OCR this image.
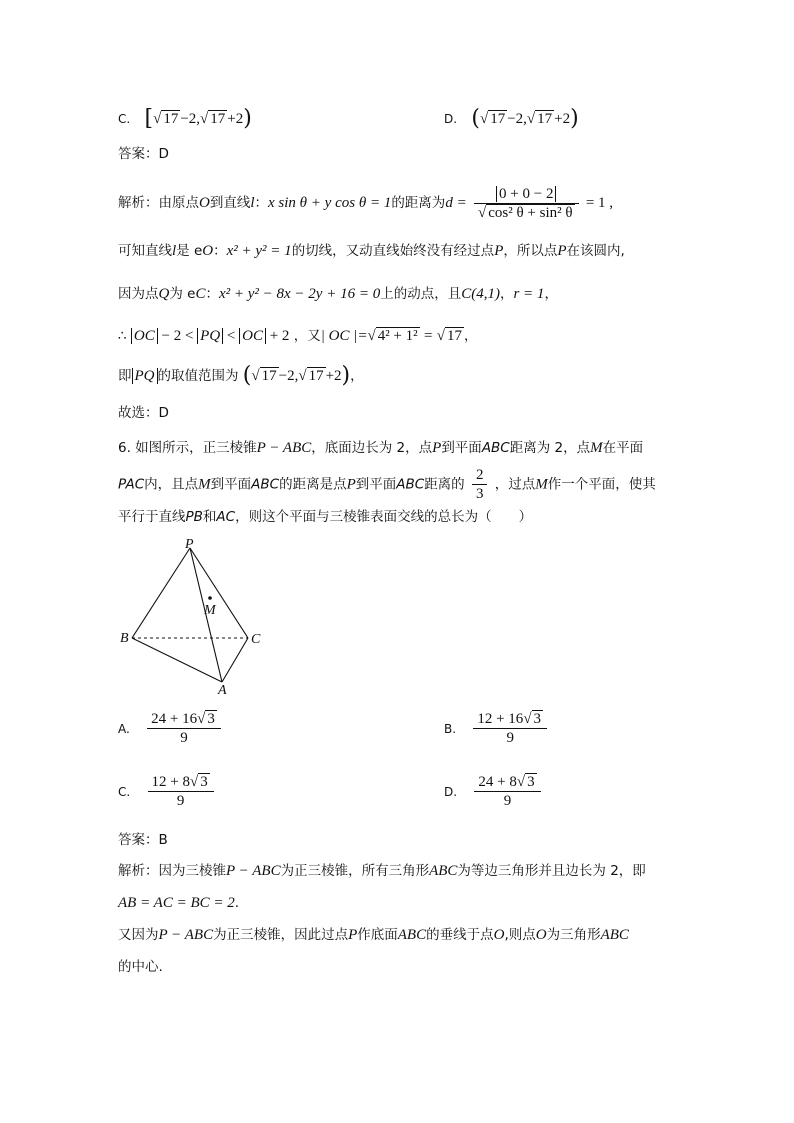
C. [√ 17 −2,√ 17 +2)	D. (√ 17 −2,√ 17 +2)
答案：D
解析：由原点O到直线l：x sin θ + y cos θ = 1的距离为$d = \frac{0 + 0 - 2}{\text{√ cos² θ + sin² θ}} = 1$ ,
可知直线l是 eO：x² + y² = 1的切线，又动直线始终没有经过点P，所以点P在该圆内,
因为点Q为 eC：x² + y² − 8x − 2y + 16 = 0上的动点，且C(4,1)，r = 1，
∴ OC − 2 < PQ < OC + 2 ，又| OC |=√ 4² + 1² = √ 17 ，
即 PQ 的取值范围为 (√ 17 −2,√ 17 +2)，
故选：D
6. 如图所示，正三棱锥P − ABC，底面边长为 2，点P到平面ABC距离为 2，点M在平面
PAC内，且点M到平面ABC的距离是点P到平面ABC距离的 $\frac{2}{3}$ ，过点M作一个平面，使其
平行于直线PB和AC，则这个平面与三棱锥表面交线的总长为（　　）
P
M
B	C
A
A. $\frac{24 + 16√ 3}{9}$	B. $\frac{12 + 16√ 3}{9}$
C. $\frac{12 + 8√ 3}{9}$	D. $\frac{24 + 8√ 3}{9}$
答案：B
解析：因为三棱锥P − ABC为正三棱锥，所有三角形ABC为等边三角形并且边长为 2，即
AB = AC = BC = 2.
又因为P − ABC为正三棱锥，因此过点P作底面ABC的垂线于点O,则点O为三角形ABC
的中心.
